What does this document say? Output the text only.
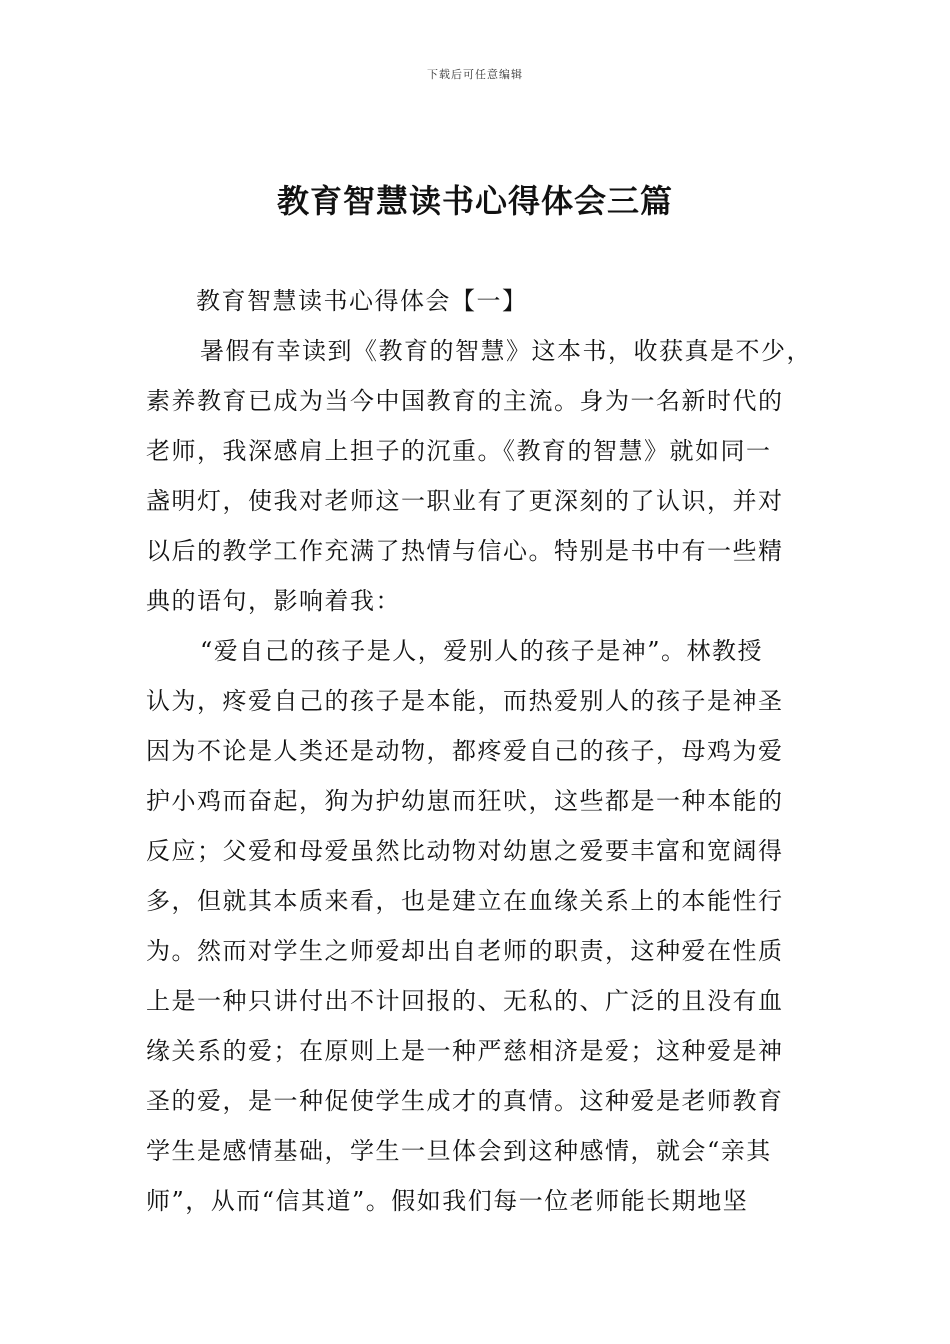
下载后可任意编辑
教育智慧读书心得体会三篇
教育智慧读书心得体会【一】
暑假有幸读到《教育的智慧》这本书，收获真是不少，
素养教育已成为当今中国教育的主流。身为一名新时代的
老师，我深感肩上担子的沉重。《教育的智慧》就如同一
盏明灯，使我对老师这一职业有了更深刻的了认识，并对
以后的教学工作充满了热情与信心。特别是书中有一些精
典的语句，影响着我：
“爱自己的孩子是人，爱别人的孩子是神”。林教授
认为，疼爱自己的孩子是本能，而热爱别人的孩子是神圣
因为不论是人类还是动物，都疼爱自己的孩子，母鸡为爱
护小鸡而奋起，狗为护幼崽而狂吠，这些都是一种本能的
反应；父爱和母爱虽然比动物对幼崽之爱要丰富和宽阔得
多，但就其本质来看，也是建立在血缘关系上的本能性行
为。然而对学生之师爱却出自老师的职责，这种爱在性质
上是一种只讲付出不计回报的、无私的、广泛的且没有血
缘关系的爱；在原则上是一种严慈相济是爱；这种爱是神
圣的爱，是一种促使学生成才的真情。这种爱是老师教育
学生是感情基础，学生一旦体会到这种感情，就会“亲其
师”，从而“信其道”。假如我们每一位老师能长期地坚
